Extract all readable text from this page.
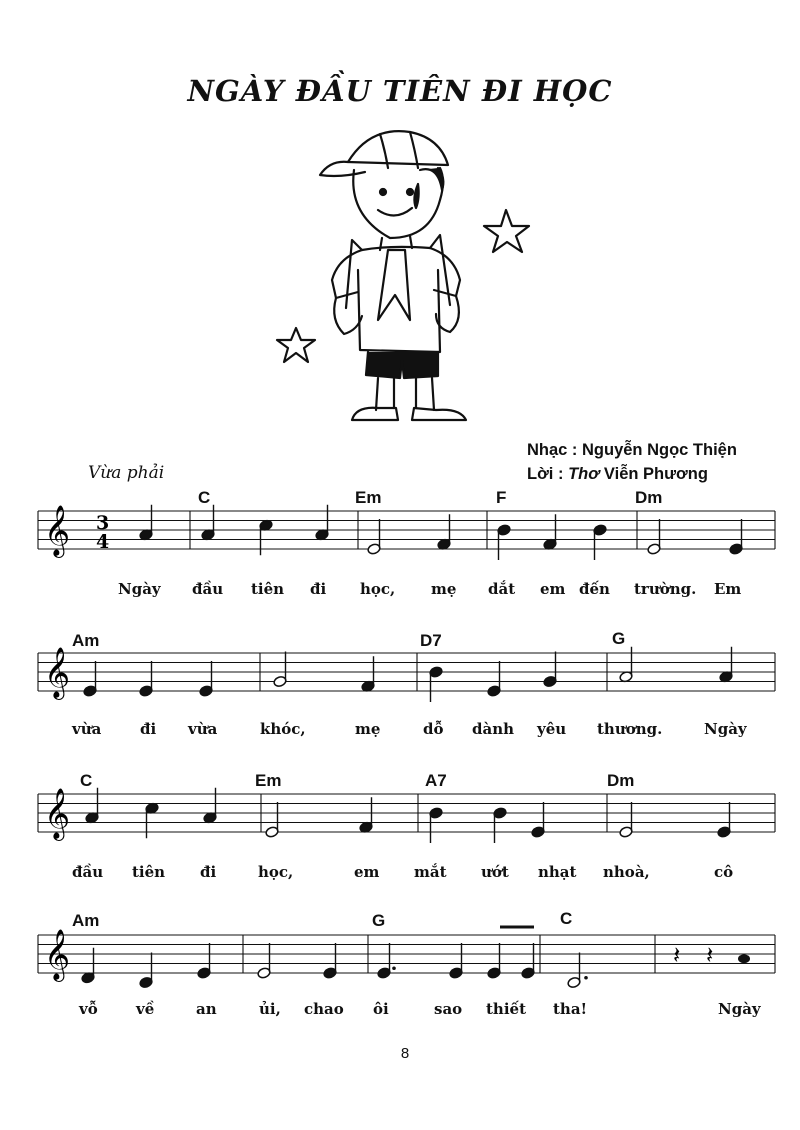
NGÀY ĐẦU TIÊN ĐI HỌC
Nhạc : Nguyễn Ngọc Thiện
Lời : Thơ Viễn Phương
Vừa phải
C	Em	F	Dm
Am	D7	G
C	Em	A7	Dm
Am	G	C
𝄞
𝄞
𝄞
𝄞	𝄽 𝄽
3
4
Ngày đầu tiên đi học, mẹ dắt em đến trường. Em
vừa	đi vừa	khóc,	mẹ	dỗ dành yêu thương.	Ngày
đầu tiên đi	học,	em mắt ướt nhạt nhoà,	cô
vỗ	về	an	ủi, chao ôi	sao thiết tha!	Ngày
8
